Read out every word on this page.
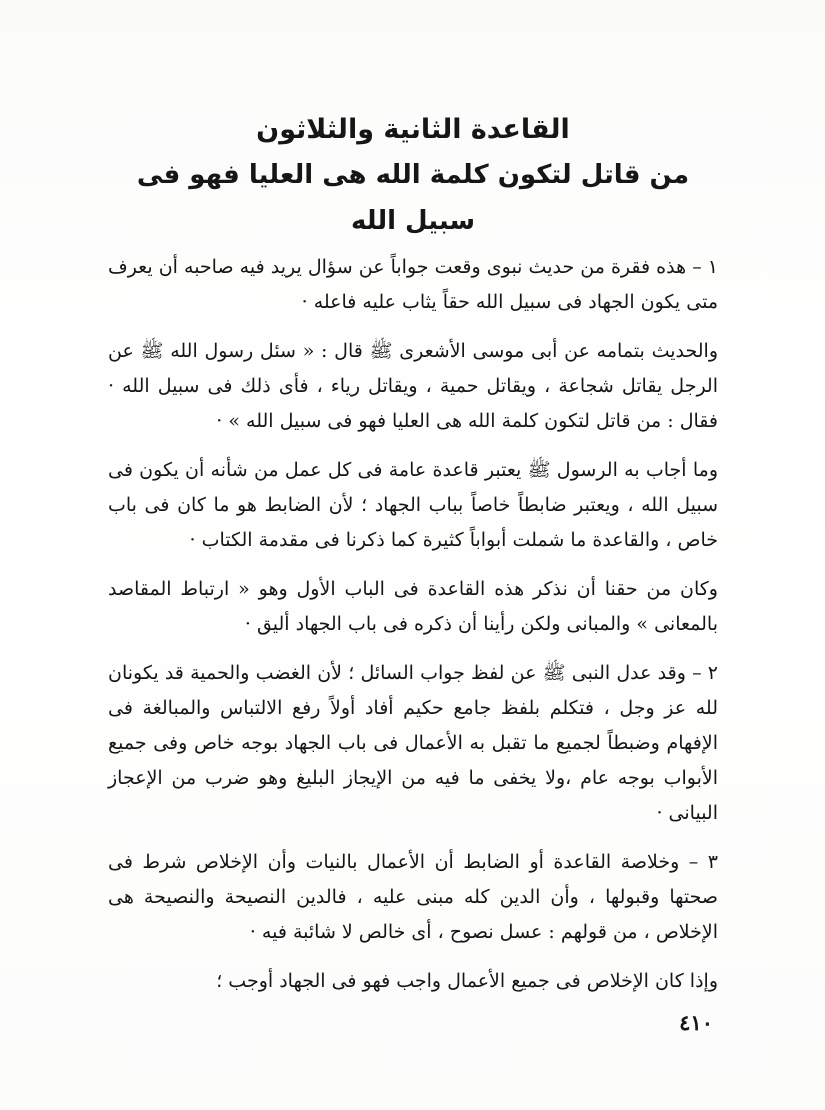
القاعدة الثانية والثلاثون
من قاتل لتكون كلمة الله هى العليا فهو فى سبيل الله

١ – هذه فقرة من حديث نبوى وقعت جواباً عن سؤال يريد فيه صاحبه أن يعرف متى يكون الجهاد فى سبيل الله حقاً يثاب عليه فاعله ·

والحديث بتمامه عن أبى موسى الأشعرى ﷺ قال : « سئل رسول الله ﷺ عن الرجل يقاتل شجاعة ، ويقاتل حمية ، ويقاتل رياء ، فأى ذلك فى سبيل الله · فقال : من قاتل لتكون كلمة الله هى العليا فهو فى سبيل الله » ·

وما أجاب به الرسول ﷺ يعتبر قاعدة عامة فى كل عمل من شأنه أن يكون فى سبيل الله ، ويعتبر ضابطاً خاصاً بباب الجهاد ؛ لأن الضابط هو ما كان فى باب خاص ، والقاعدة ما شملت أبواباً كثيرة كما ذكرنا فى مقدمة الكتاب ·

وكان من حقنا أن نذكر هذه القاعدة فى الباب الأول وهو « ارتباط المقاصد بالمعانى » والمبانى ولكن رأينا أن ذكره فى باب الجهاد أليق ·

٢ – وقد عدل النبى ﷺ عن لفظ جواب السائل ؛ لأن الغضب والحمية قد يكونان لله عز وجل ، فتكلم بلفظ جامع حكيم أفاد أولاً رفع الالتباس والمبالغة فى الإفهام وضبطاً لجميع ما تقبل به الأعمال فى باب الجهاد بوجه خاص وفى جميع الأبواب بوجه عام ،ولا يخفى ما فيه من الإيجاز البليغ وهو ضرب من الإعجاز البيانى ·

٣ – وخلاصة القاعدة أو الضابط أن الأعمال بالنيات وأن الإخلاص شرط فى صحتها وقبولها ، وأن الدين كله مبنى عليه ، فالدين النصيحة والنصيحة هى الإخلاص ، من قولهم : عسل نصوح ، أى خالص لا شائبة فيه ·

وإذا كان الإخلاص فى جميع الأعمال واجب فهو فى الجهاد أوجب ؛

٤١٠
